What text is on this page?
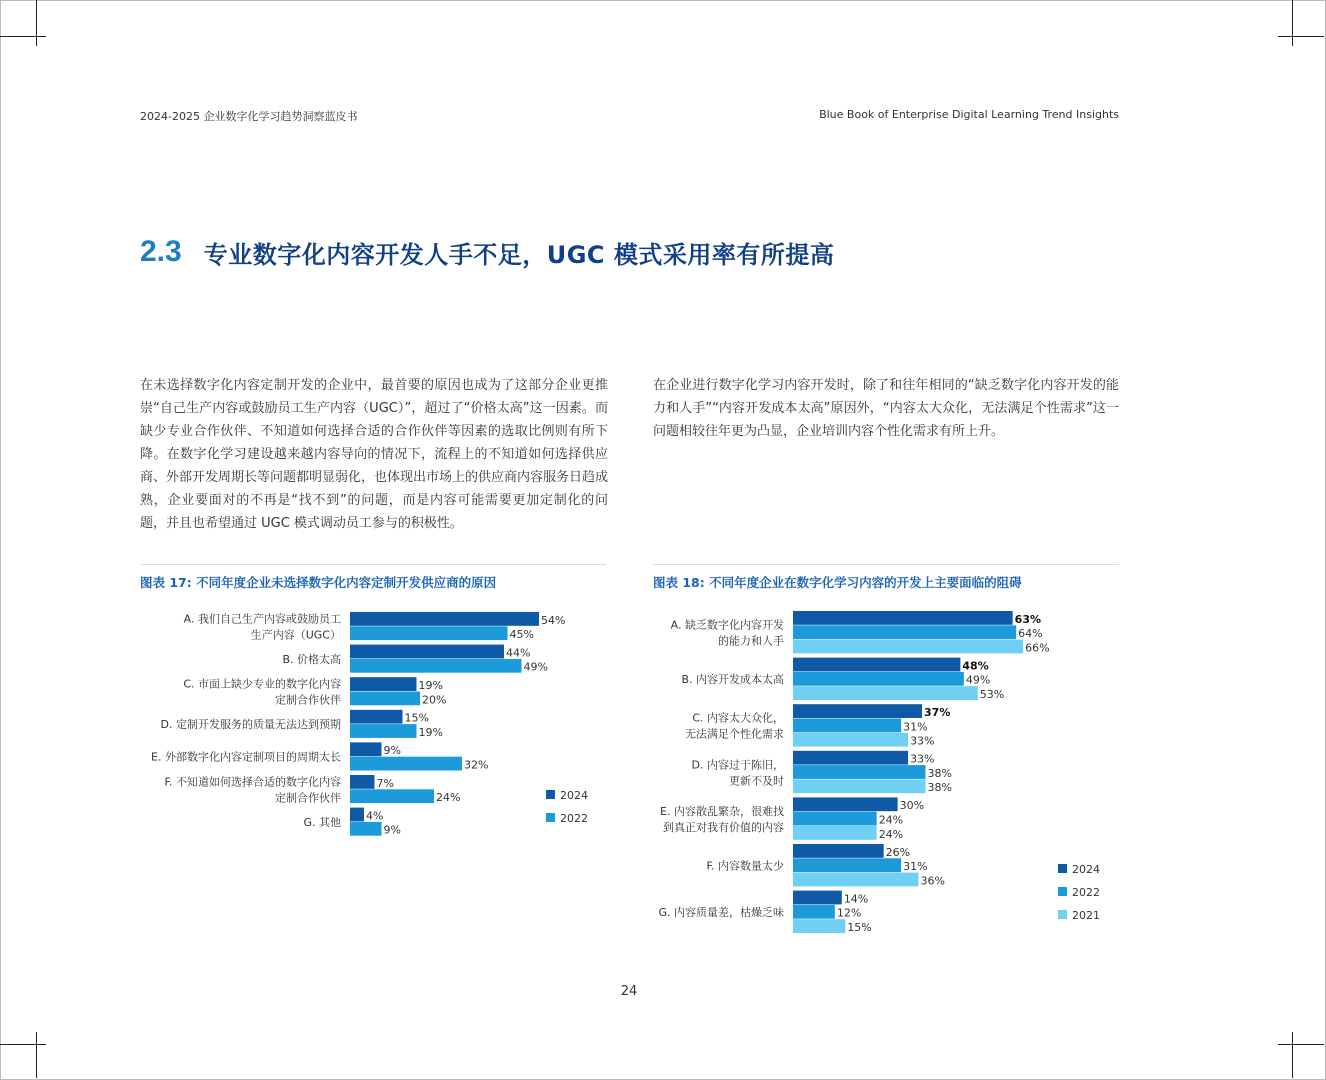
2024-2025 企业数字化学习趋势洞察蓝皮书	Blue Book of Enterprise Digital Learning Trend Insights
2.3 专业数字化内容开发人手不足，UGC 模式采用率有所提高
在未选择数字化内容定制开发的企业中，最首要的原因也成为了这部分企业更推崇“自己生产内容或鼓励员工生产内容（UGC）”，超过了“价格太高”这一因素。而缺少专业合作伙伴、不知道如何选择合适的合作伙伴等因素的选取比例则有所下降。在数字化学习建设越来越内容导向的情况下，流程上的不知道如何选择供应商、外部开发周期长等问题都明显弱化，也体现出市场上的供应商内容服务日趋成熟，企业要面对的不再是“找不到”的问题，而是内容可能需要更加定制化的问题，并且也希望通过 UGC 模式调动员工参与的积极性。
在企业进行数字化学习内容开发时，除了和往年相同的“缺乏数字化内容开发的能力和人手”“内容开发成本太高”原因外，“内容太大众化，无法满足个性需求”这一问题相较往年更为凸显，企业培训内容个性化需求有所上升。
图表 17: 不同年度企业未选择数字化内容定制开发供应商的原因
A. 我们自己生产内容或鼓励员工
生产内容（UGC）
54%
45%
B. 价格太高	44%
49%
C. 市面上缺少专业的数字化内容
定制合作伙伴
19%
20%
D. 定制开发服务的质量无法达到预期	15%
19%
E. 外部数字化内容定制项目的周期太长	9%
32%
F. 不知道如何选择合适的数字化内容
定制合作伙伴
7%
24%
G. 其他 4%
9%
2024
2022
图表 18: 不同年度企业在数字化学习内容的开发上主要面临的阻碍
A. 缺乏数字化内容开发
的能力和人手
63%
64%
66%
B. 内容开发成本太高
48%
49%
53%
C. 内容太大众化，
无法满足个性化需求
37%
31%
33%
D. 内容过于陈旧，
更新不及时
33%
38%
38%
E. 内容散乱繁杂，很难找
到真正对我有价值的内容
30%
24%
24%
F. 内容数量太少
26%
31%
36%
G. 内容质量差，枯燥乏味
14%
12%
15%
2024
2022
2021
24
